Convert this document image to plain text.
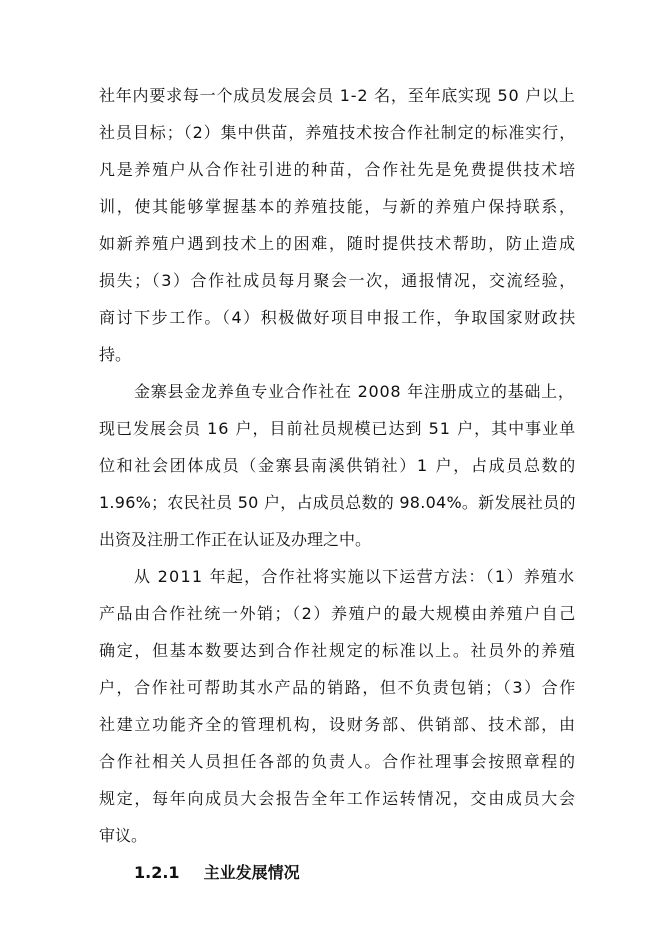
社年内要求每一个成员发展会员 1-2 名，至年底实现 50 户以上
社员目标；（2）集中供苗，养殖技术按合作社制定的标准实行，
凡是养殖户从合作社引进的种苗，合作社先是免费提供技术培
训，使其能够掌握基本的养殖技能，与新的养殖户保持联系，
如新养殖户遇到技术上的困难，随时提供技术帮助，防止造成
损失；（3）合作社成员每月聚会一次，通报情况，交流经验，
商讨下步工作。（4）积极做好项目申报工作，争取国家财政扶
持。
金寨县金龙养鱼专业合作社在 2008 年注册成立的基础上，
现已发展会员 16 户，目前社员规模已达到 51 户，其中事业单
位和社会团体成员（金寨县南溪供销社）1 户，占成员总数的
1.96%；农民社员 50 户，占成员总数的 98.04%。新发展社员的
出资及注册工作正在认证及办理之中。
从 2011 年起，合作社将实施以下运营方法：（1）养殖水
产品由合作社统一外销；（2）养殖户的最大规模由养殖户自己
确定，但基本数要达到合作社规定的标准以上。社员外的养殖
户，合作社可帮助其水产品的销路，但不负责包销；（3）合作
社建立功能齐全的管理机构，设财务部、供销部、技术部，由
合作社相关人员担任各部的负责人。合作社理事会按照章程的
规定，每年向成员大会报告全年工作运转情况，交由成员大会
审议。
1.2.1 主业发展情况
